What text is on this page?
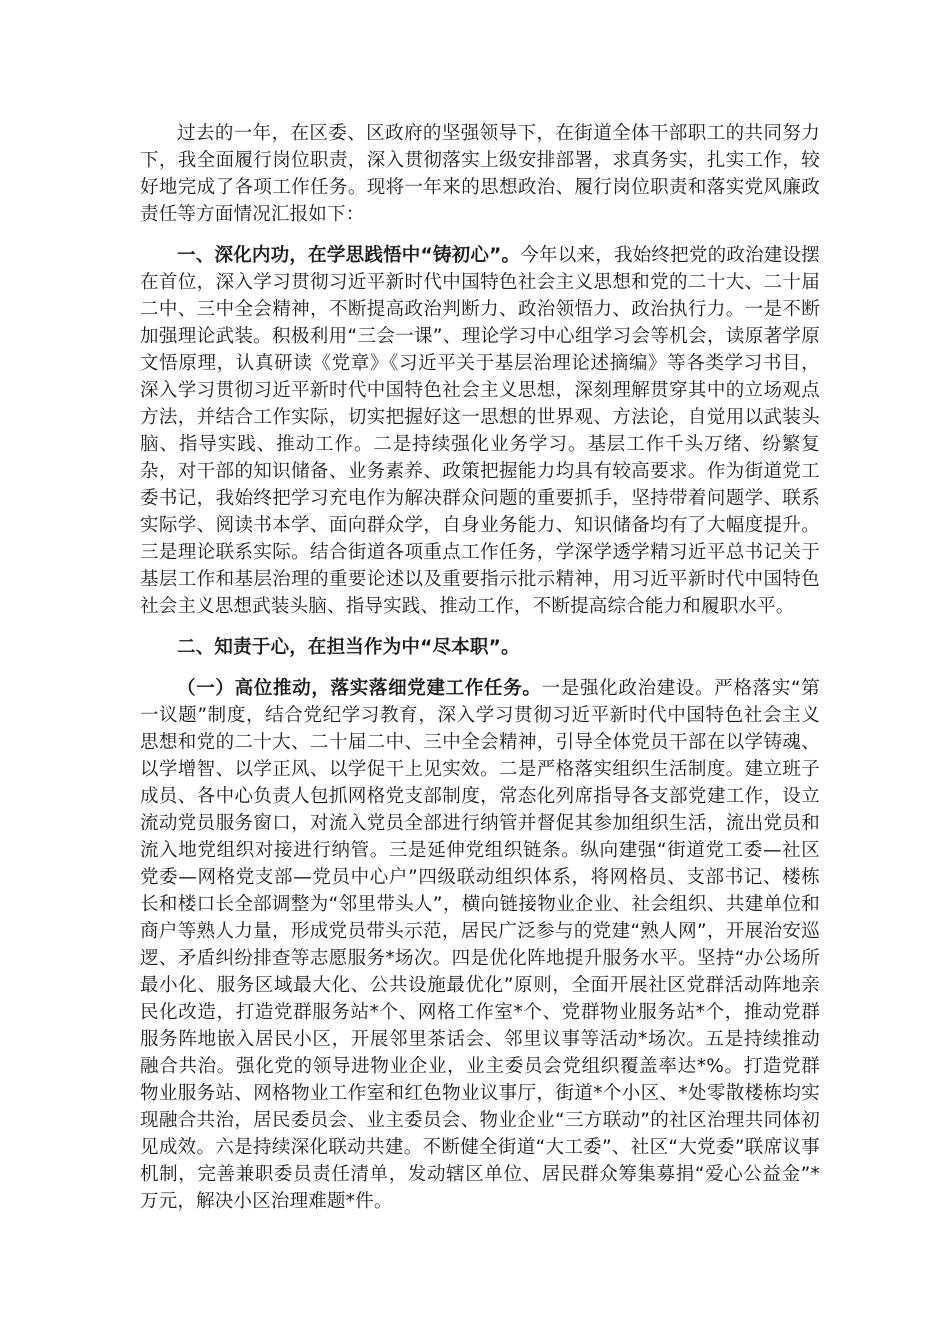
过去的一年，在区委、区政府的坚强领导下，在街道全体干部职工的共同努力下，我全面履行岗位职责，深入贯彻落实上级安排部署，求真务实，扎实工作，较好地完成了各项工作任务。现将一年来的思想政治、履行岗位职责和落实党风廉政责任等方面情况汇报如下：

一、深化内功，在学思践悟中“铸初心”。今年以来，我始终把党的政治建设摆在首位，深入学习贯彻习近平新时代中国特色社会主义思想和党的二十大、二十届二中、三中全会精神，不断提高政治判断力、政治领悟力、政治执行力。一是不断加强理论武装。积极利用“三会一课”、理论学习中心组学习会等机会，读原著学原文悟原理，认真研读《党章》《习近平关于基层治理论述摘编》等各类学习书目，深入学习贯彻习近平新时代中国特色社会主义思想，深刻理解贯穿其中的立场观点方法，并结合工作实际，切实把握好这一思想的世界观、方法论，自觉用以武装头脑、指导实践、推动工作。二是持续强化业务学习。基层工作千头万绪、纷繁复杂，对干部的知识储备、业务素养、政策把握能力均具有较高要求。作为街道党工委书记，我始终把学习充电作为解决群众问题的重要抓手，坚持带着问题学、联系实际学、阅读书本学、面向群众学，自身业务能力、知识储备均有了大幅度提升。三是理论联系实际。结合街道各项重点工作任务，学深学透学精习近平总书记关于基层工作和基层治理的重要论述以及重要指示批示精神，用习近平新时代中国特色社会主义思想武装头脑、指导实践、推动工作，不断提高综合能力和履职水平。

二、知责于心，在担当作为中“尽本职”。

（一）高位推动，落实落细党建工作任务。一是强化政治建设。严格落实“第一议题”制度，结合党纪学习教育，深入学习贯彻习近平新时代中国特色社会主义思想和党的二十大、二十届二中、三中全会精神，引导全体党员干部在以学铸魂、以学增智、以学正风、以学促干上见实效。二是严格落实组织生活制度。建立班子成员、各中心负责人包抓网格党支部制度，常态化列席指导各支部党建工作，设立流动党员服务窗口，对流入党员全部进行纳管并督促其参加组织生活，流出党员和流入地党组织对接进行纳管。三是延伸党组织链条。纵向建强“街道党工委—社区党委—网格党支部—党员中心户”四级联动组织体系，将网格员、支部书记、楼栋长和楼口长全部调整为“邻里带头人”，横向链接物业企业、社会组织、共建单位和商户等熟人力量，形成党员带头示范，居民广泛参与的党建“熟人网”，开展治安巡逻、矛盾纠纷排查等志愿服务*场次。四是优化阵地提升服务水平。坚持“办公场所最小化、服务区域最大化、公共设施最优化”原则，全面开展社区党群活动阵地亲民化改造，打造党群服务站*个、网格工作室*个、党群物业服务站*个，推动党群服务阵地嵌入居民小区，开展邻里茶话会、邻里议事等活动*场次。五是持续推动融合共治。强化党的领导进物业企业，业主委员会党组织覆盖率达*%。打造党群物业服务站、网格物业工作室和红色物业议事厅，街道*个小区、*处零散楼栋均实现融合共治，居民委员会、业主委员会、物业企业“三方联动”的社区治理共同体初见成效。六是持续深化联动共建。不断健全街道“大工委”、社区“大党委”联席议事机制，完善兼职委员责任清单，发动辖区单位、居民群众筹集募捐“爱心公益金”*万元，解决小区治理难题*件。
